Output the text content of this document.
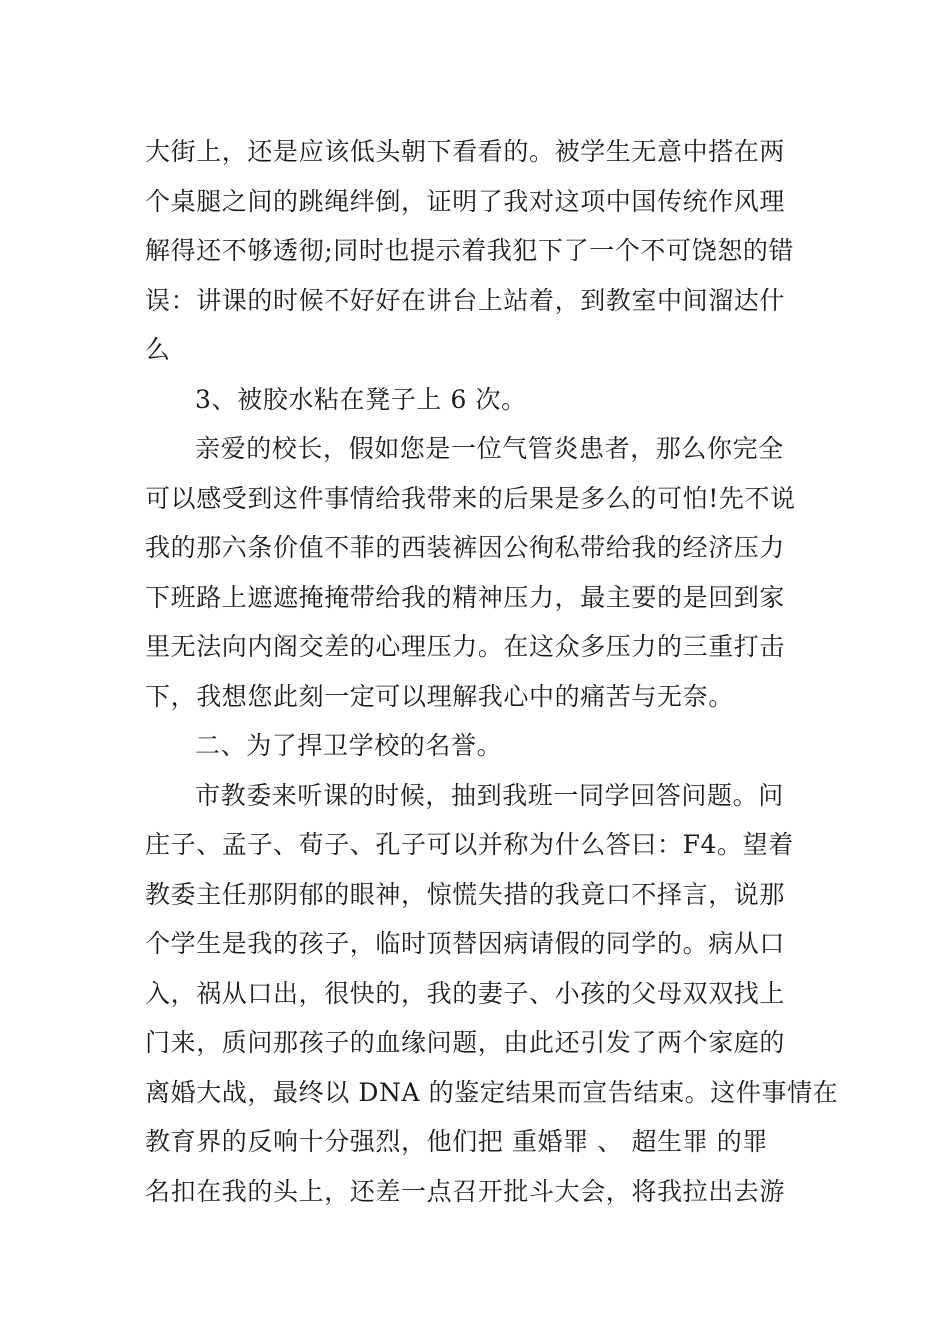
大街上，还是应该低头朝下看看的。被学生无意中搭在两

个桌腿之间的跳绳绊倒，证明了我对这项中国传统作风理

解得还不够透彻;同时也提示着我犯下了一个不可饶恕的错

误：讲课的时候不好好在讲台上站着，到教室中间溜达什

么

3、被胶水粘在凳子上 6 次。

亲爱的校长，假如您是一位气管炎患者，那么你完全

可以感受到这件事情给我带来的后果是多么的可怕!先不说

我的那六条价值不菲的西装裤因公徇私带给我的经济压力

下班路上遮遮掩掩带给我的精神压力，最主要的是回到家

里无法向内阁交差的心理压力。在这众多压力的三重打击

下，我想您此刻一定可以理解我心中的痛苦与无奈。

二、为了捍卫学校的名誉。

市教委来听课的时候，抽到我班一同学回答问题。问

庄子、孟子、荀子、孔子可以并称为什么答曰：F4。望着

教委主任那阴郁的眼神，惊慌失措的我竟口不择言，说那

个学生是我的孩子，临时顶替因病请假的同学的。病从口

入，祸从口出，很快的，我的妻子、小孩的父母双双找上

门来，质问那孩子的血缘问题，由此还引发了两个家庭的

离婚大战，最终以 DNA 的鉴定结果而宣告结束。这件事情在

教育界的反响十分强烈，他们把 重婚罪 、 超生罪 的罪

名扣在我的头上，还差一点召开批斗大会，将我拉出去游
